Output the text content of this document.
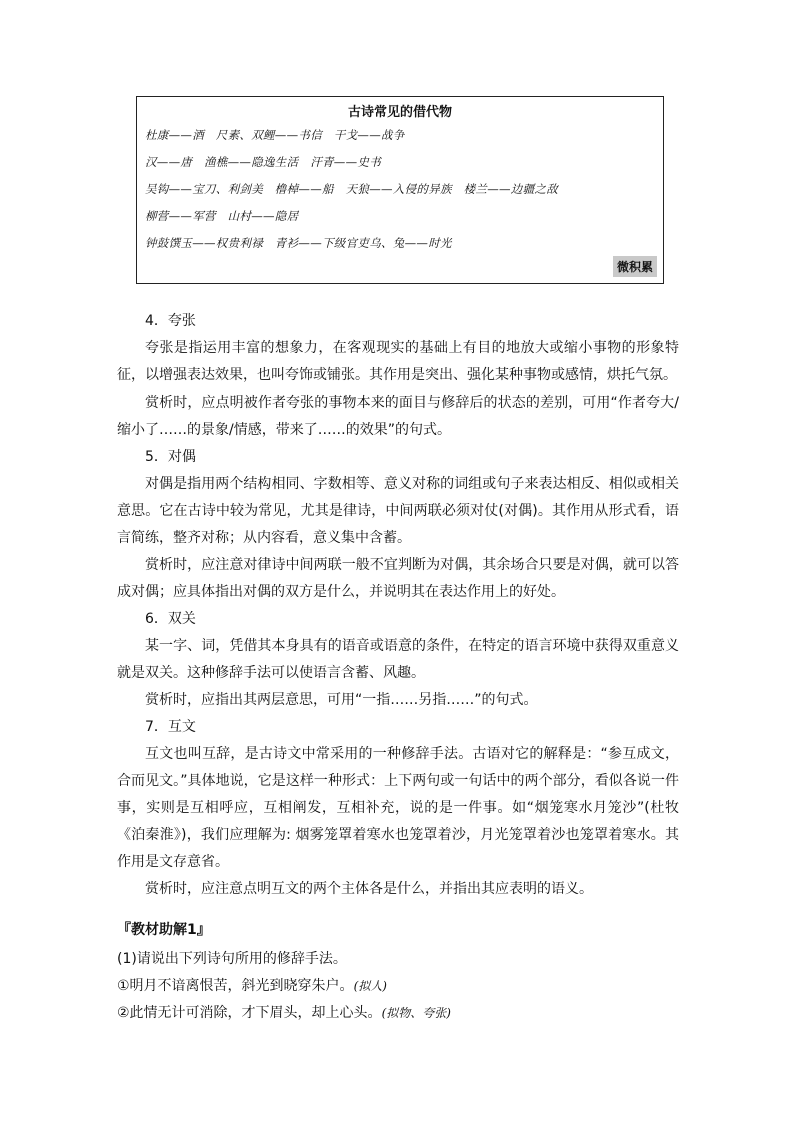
古诗常见的借代物
杜康——酒　尺素、双鲤——书信　干戈——战争
汉——唐　渔樵——隐逸生活　汗青——史书
吴钩——宝刀、利剑美　橹棹——船　天狼——入侵的异族　楼兰——边疆之敌
柳营——军营　山村——隐居
钟鼓馔玉——权贵利禄　青衫——下级官吏乌、兔——时光
微积累
4．夸张

夸张是指运用丰富的想象力，在客观现实的基础上有目的地放大或缩小事物的形象特征，以增强表达效果，也叫夸饰或铺张。其作用是突出、强化某种事物或感情，烘托气氛。

赏析时，应点明被作者夸张的事物本来的面目与修辞后的状态的差别，可用“作者夸大/缩小了……的景象/情感，带来了……的效果”的句式。

5．对偶

对偶是指用两个结构相同、字数相等、意义对称的词组或句子来表达相反、相似或相关意思。它在古诗中较为常见，尤其是律诗，中间两联必须对仗(对偶)。其作用从形式看，语言简练，整齐对称；从内容看，意义集中含蓄。

赏析时，应注意对律诗中间两联一般不宜判断为对偶，其余场合只要是对偶，就可以答成对偶；应具体指出对偶的双方是什么，并说明其在表达作用上的好处。

6．双关

某一字、词，凭借其本身具有的语音或语意的条件，在特定的语言环境中获得双重意义就是双关。这种修辞手法可以使语言含蓄、风趣。

赏析时，应指出其两层意思，可用“一指……另指……”的句式。

7．互文

互文也叫互辞，是古诗文中常采用的一种修辞手法。古语对它的解释是：“参互成文，合而见文。”具体地说，它是这样一种形式：上下两句或一句话中的两个部分，看似各说一件事，实则是互相呼应，互相阐发，互相补充，说的是一件事。如“烟笼寒水月笼沙”(杜牧《泊秦淮》)，我们应理解为: 烟雾笼罩着寒水也笼罩着沙，月光笼罩着沙也笼罩着寒水。其作用是文存意省。

赏析时，应注意点明互文的两个主体各是什么，并指出其应表明的语义。

『教材助解1』
(1)请说出下列诗句所用的修辞手法。
①明月不谙离恨苦，斜光到晓穿朱户。(拟人)
②此情无计可消除，才下眉头，却上心头。(拟物、夸张)
